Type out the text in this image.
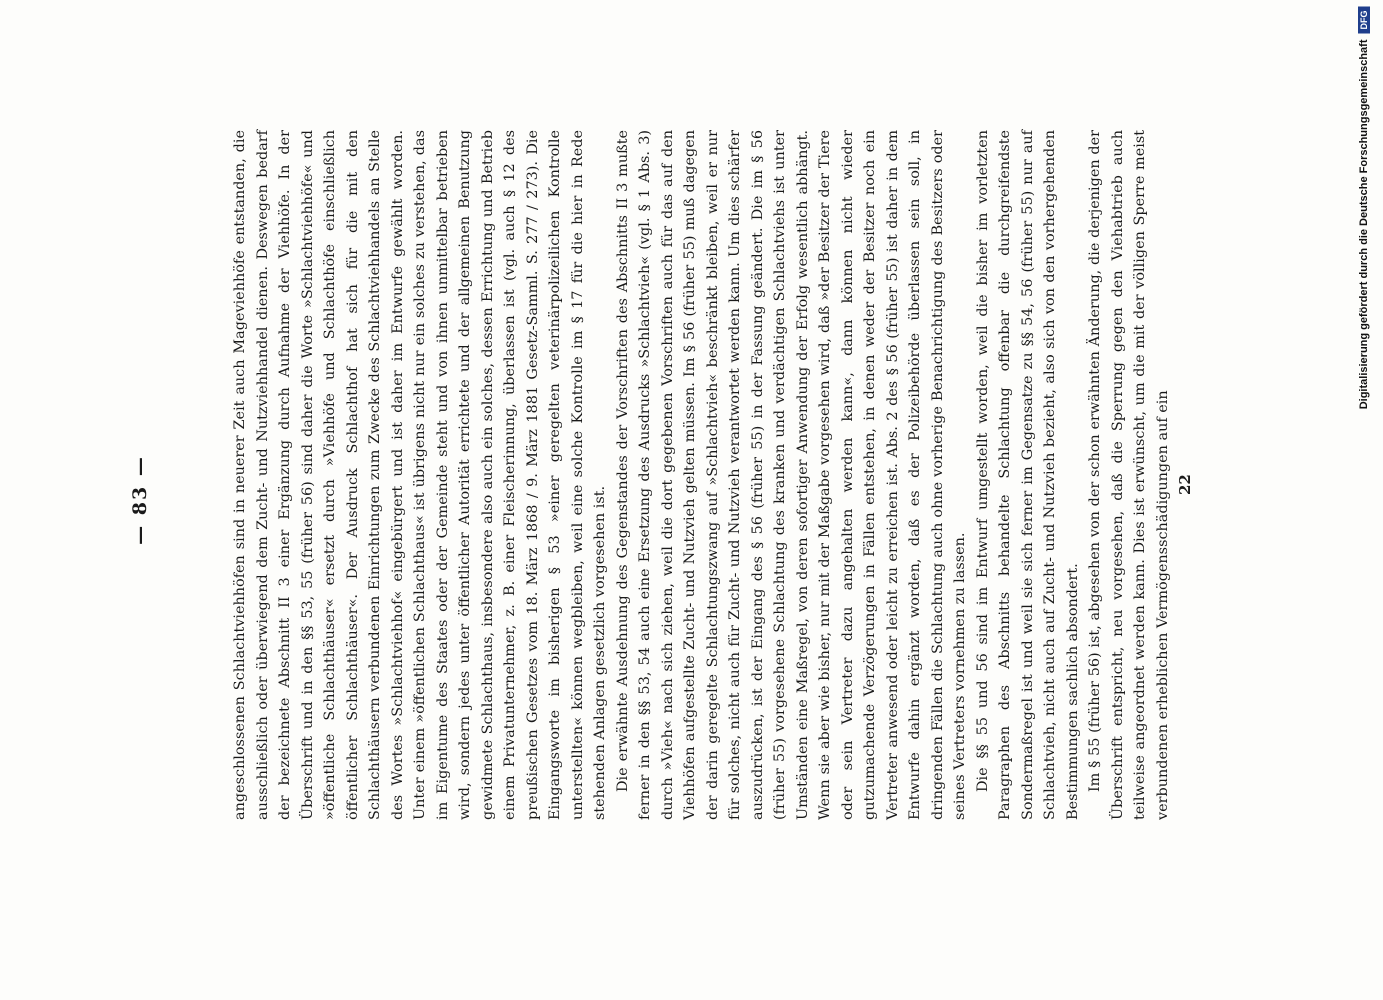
— 83 —	angeschlossenen Schlachtviehhöfen sind in neuerer Zeit auch Mageviehhöfe entstanden, die ausschließlich oder überwiegend dem Zucht- und Nutzviehhandel dienen. Deswegen bedarf der bezeichnete Abschnitt II 3 einer Ergänzung durch Aufnahme der Viehhöfe. In der Überschrift und in den §§ 53, 55 (früher 56) sind daher die Worte »Schlachtviehhöfe« und »öffentliche Schlachthäuser« ersetzt durch »Viehhöfe und Schlachthöfe einschließlich öffentlicher Schlachthäuser«. Der Ausdruck Schlachthof hat sich für die mit den Schlachthäusern verbundenen Einrichtungen zum Zwecke des Schlachtviehhandels an Stelle des Wortes »Schlachtviehhof« eingebürgert und ist daher im Entwurfe gewählt worden. Unter einem »öffentlichen Schlachthaus« ist übrigens nicht nur ein solches zu verstehen, das im Eigentume des Staates oder der Gemeinde steht und von ihnen unmittelbar betrieben wird, sondern jedes unter öffentlicher Autorität errichtete und der allgemeinen Benutzung gewidmete Schlachthaus, insbesondere also auch ein solches, dessen Errichtung und Betrieb einem Privatunternehmer, z. B. einer Fleischerinnung, überlassen ist (vgl. auch § 12 des preußischen Gesetzes vom 18. März 1868 / 9. März 1881 Gesetz-Samml. S. 277 / 273). Die Eingangsworte im bisherigen § 53 »einer geregelten veterinärpolizeilichen Kontrolle unterstellten« können wegbleiben, weil eine solche Kontrolle im § 17 für die hier in Rede stehenden Anlagen gesetzlich vorgesehen ist. Die erwähnte Ausdehnung des Gegenstandes der Vorschriften des Abschnitts II 3 mußte ferner in den §§ 53, 54 auch eine Ersetzung des Ausdrucks »Schlachtvieh« (vgl. § 1 Abs. 3) durch »Vieh« nach sich ziehen, weil die dort gegebenen Vorschriften auch für das auf den Viehhöfen aufgestellte Zucht- und Nutzvieh gelten müssen. Im § 56 (früher 55) muß dagegen der darin geregelte Schlachtungszwang auf »Schlachtvieh« beschränkt bleiben, weil er nur für solches, nicht auch für Zucht- und Nutzvieh verantwortet werden kann. Um dies schärfer auszudrücken, ist der Eingang des § 56 (früher 55) in der Fassung geändert. Die im § 56 (früher 55) vorgesehene Schlachtung des kranken und verdächtigen Schlachtviehs ist unter Umständen eine Maßregel, von deren sofortiger Anwendung der Erfolg wesentlich abhängt. Wenn sie aber wie bisher, nur mit der Maßgabe vorgesehen wird, daß »der Besitzer der Tiere oder sein Vertreter dazu angehalten werden kann«, dann können nicht wieder gutzumachende Verzögerungen in Fällen entstehen, in denen weder der Besitzer noch ein Vertreter anwesend oder leicht zu erreichen ist. Abs. 2 des § 56 (früher 55) ist daher in dem Entwurfe dahin ergänzt worden, daß es der Polizeibehörde überlassen sein soll, in dringenden Fällen die Schlachtung auch ohne vorherige Benachrichtigung des Besitzers oder seines Vertreters vornehmen zu lassen. Die §§ 55 und 56 sind im Entwurf umgestellt worden, weil die bisher im vorletzten Paragraphen des Abschnitts behandelte Schlachtung offenbar die durchgreifendste Sondermaßregel ist und weil sie sich ferner im Gegensatze zu §§ 54, 56 (früher 55) nur auf Schlachtvieh, nicht auch auf Zucht- und Nutzvieh bezieht, also sich von den vorhergehenden Bestimmungen sachlich absondert. Im § 55 (früher 56) ist, abgesehen von der schon erwähnten Änderung, die derjenigen der Überschrift entspricht, neu vorgesehen, daß die Sperrung gegen den Viehabtrieb auch teilweise angeordnet werden kann. Dies ist erwünscht, um die mit der völligen Sperre meist verbundenen erheblichen Vermögensschädigungen auf ein 22
Digitalisierung gefördert durch die Deutsche Forschungsgemeinschaft
DFG
